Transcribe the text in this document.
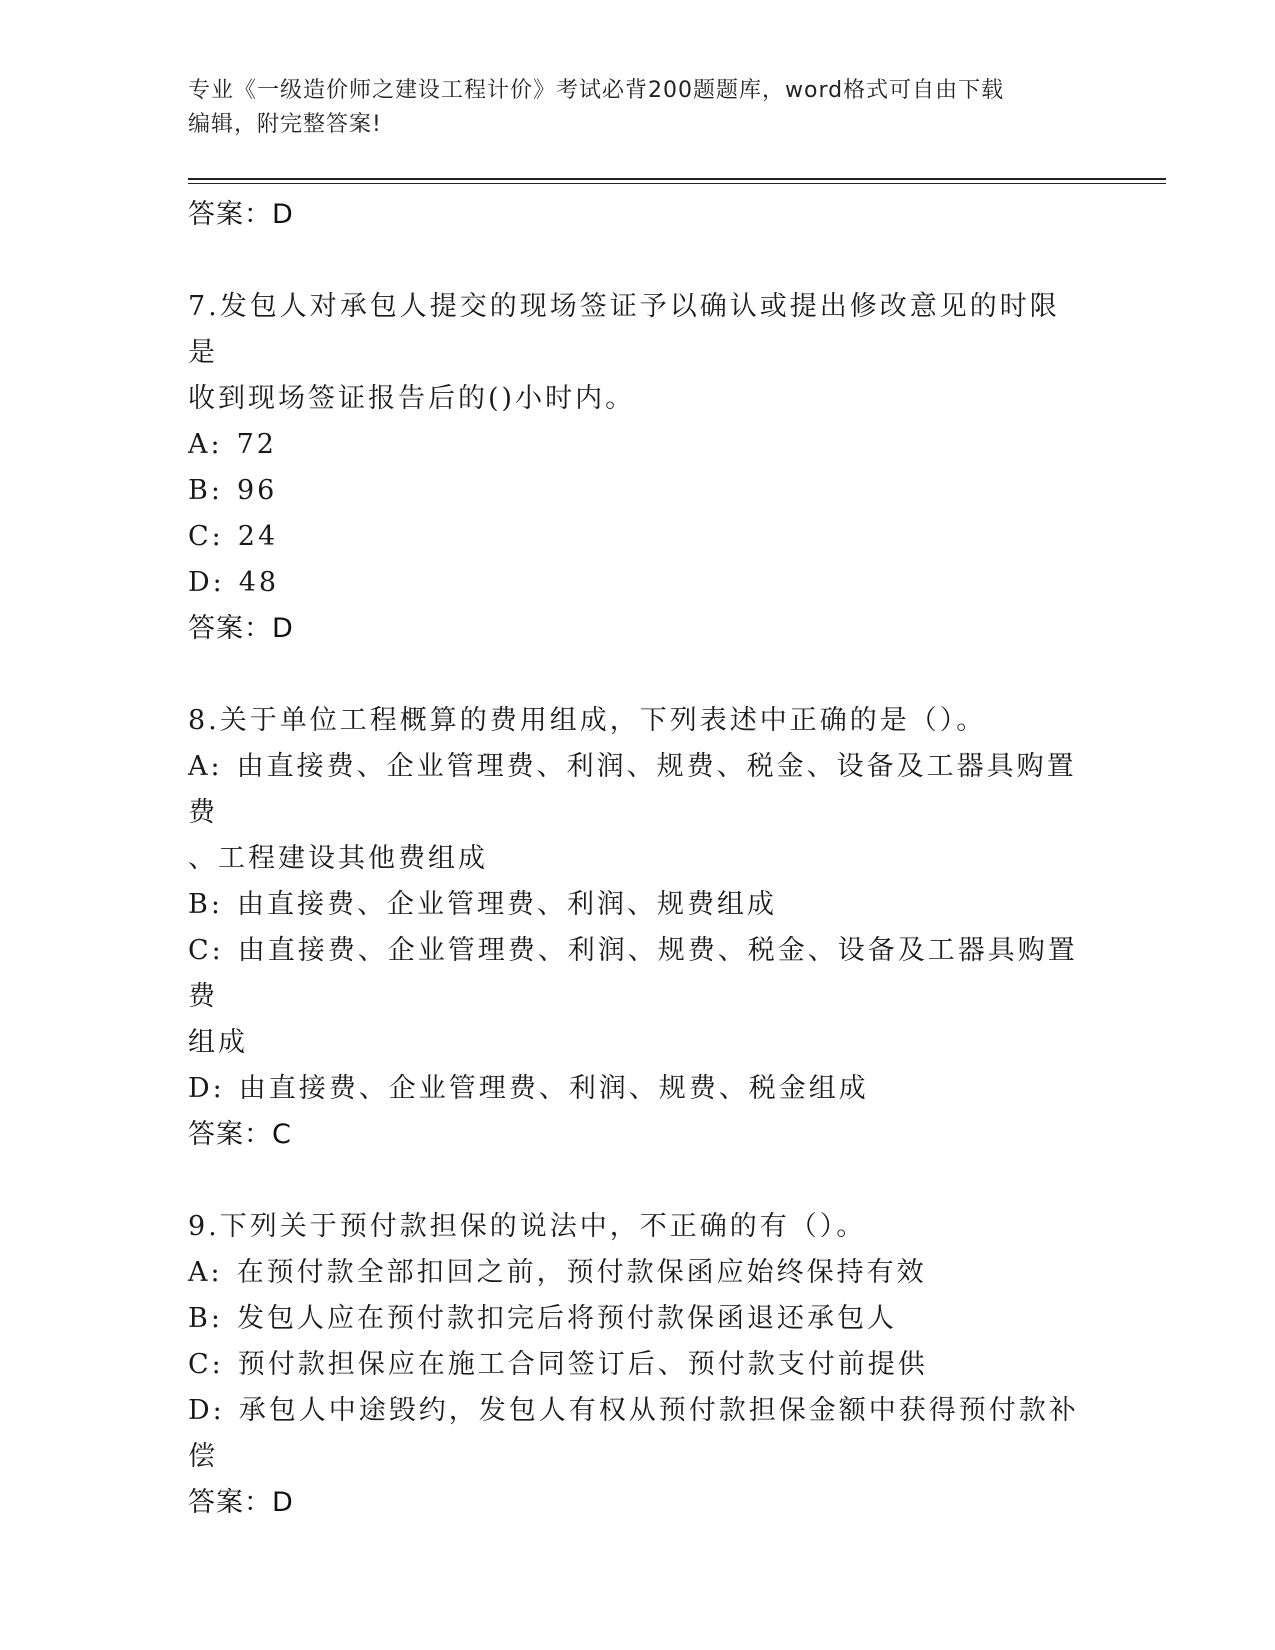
专业《一级造价师之建设工程计价》考试必背200题题库，word格式可自由下载
编辑，附完整答案!
答案：D
7.发包人对承包人提交的现场签证予以确认或提出修改意见的时限是
收到现场签证报告后的()小时内。
A: 72
B: 96
C: 24
D: 48
答案：D
8.关于单位工程概算的费用组成，下列表述中正确的是（）。
A: 由直接费、企业管理费、利润、规费、税金、设备及工器具购置费
、工程建设其他费组成
B: 由直接费、企业管理费、利润、规费组成
C: 由直接费、企业管理费、利润、规费、税金、设备及工器具购置费
组成
D: 由直接费、企业管理费、利润、规费、税金组成
答案：C
9.下列关于预付款担保的说法中，不正确的有（）。
A: 在预付款全部扣回之前，预付款保函应始终保持有效
B: 发包人应在预付款扣完后将预付款保函退还承包人
C: 预付款担保应在施工合同签订后、预付款支付前提供
D: 承包人中途毁约，发包人有权从预付款担保金额中获得预付款补偿
答案：D
